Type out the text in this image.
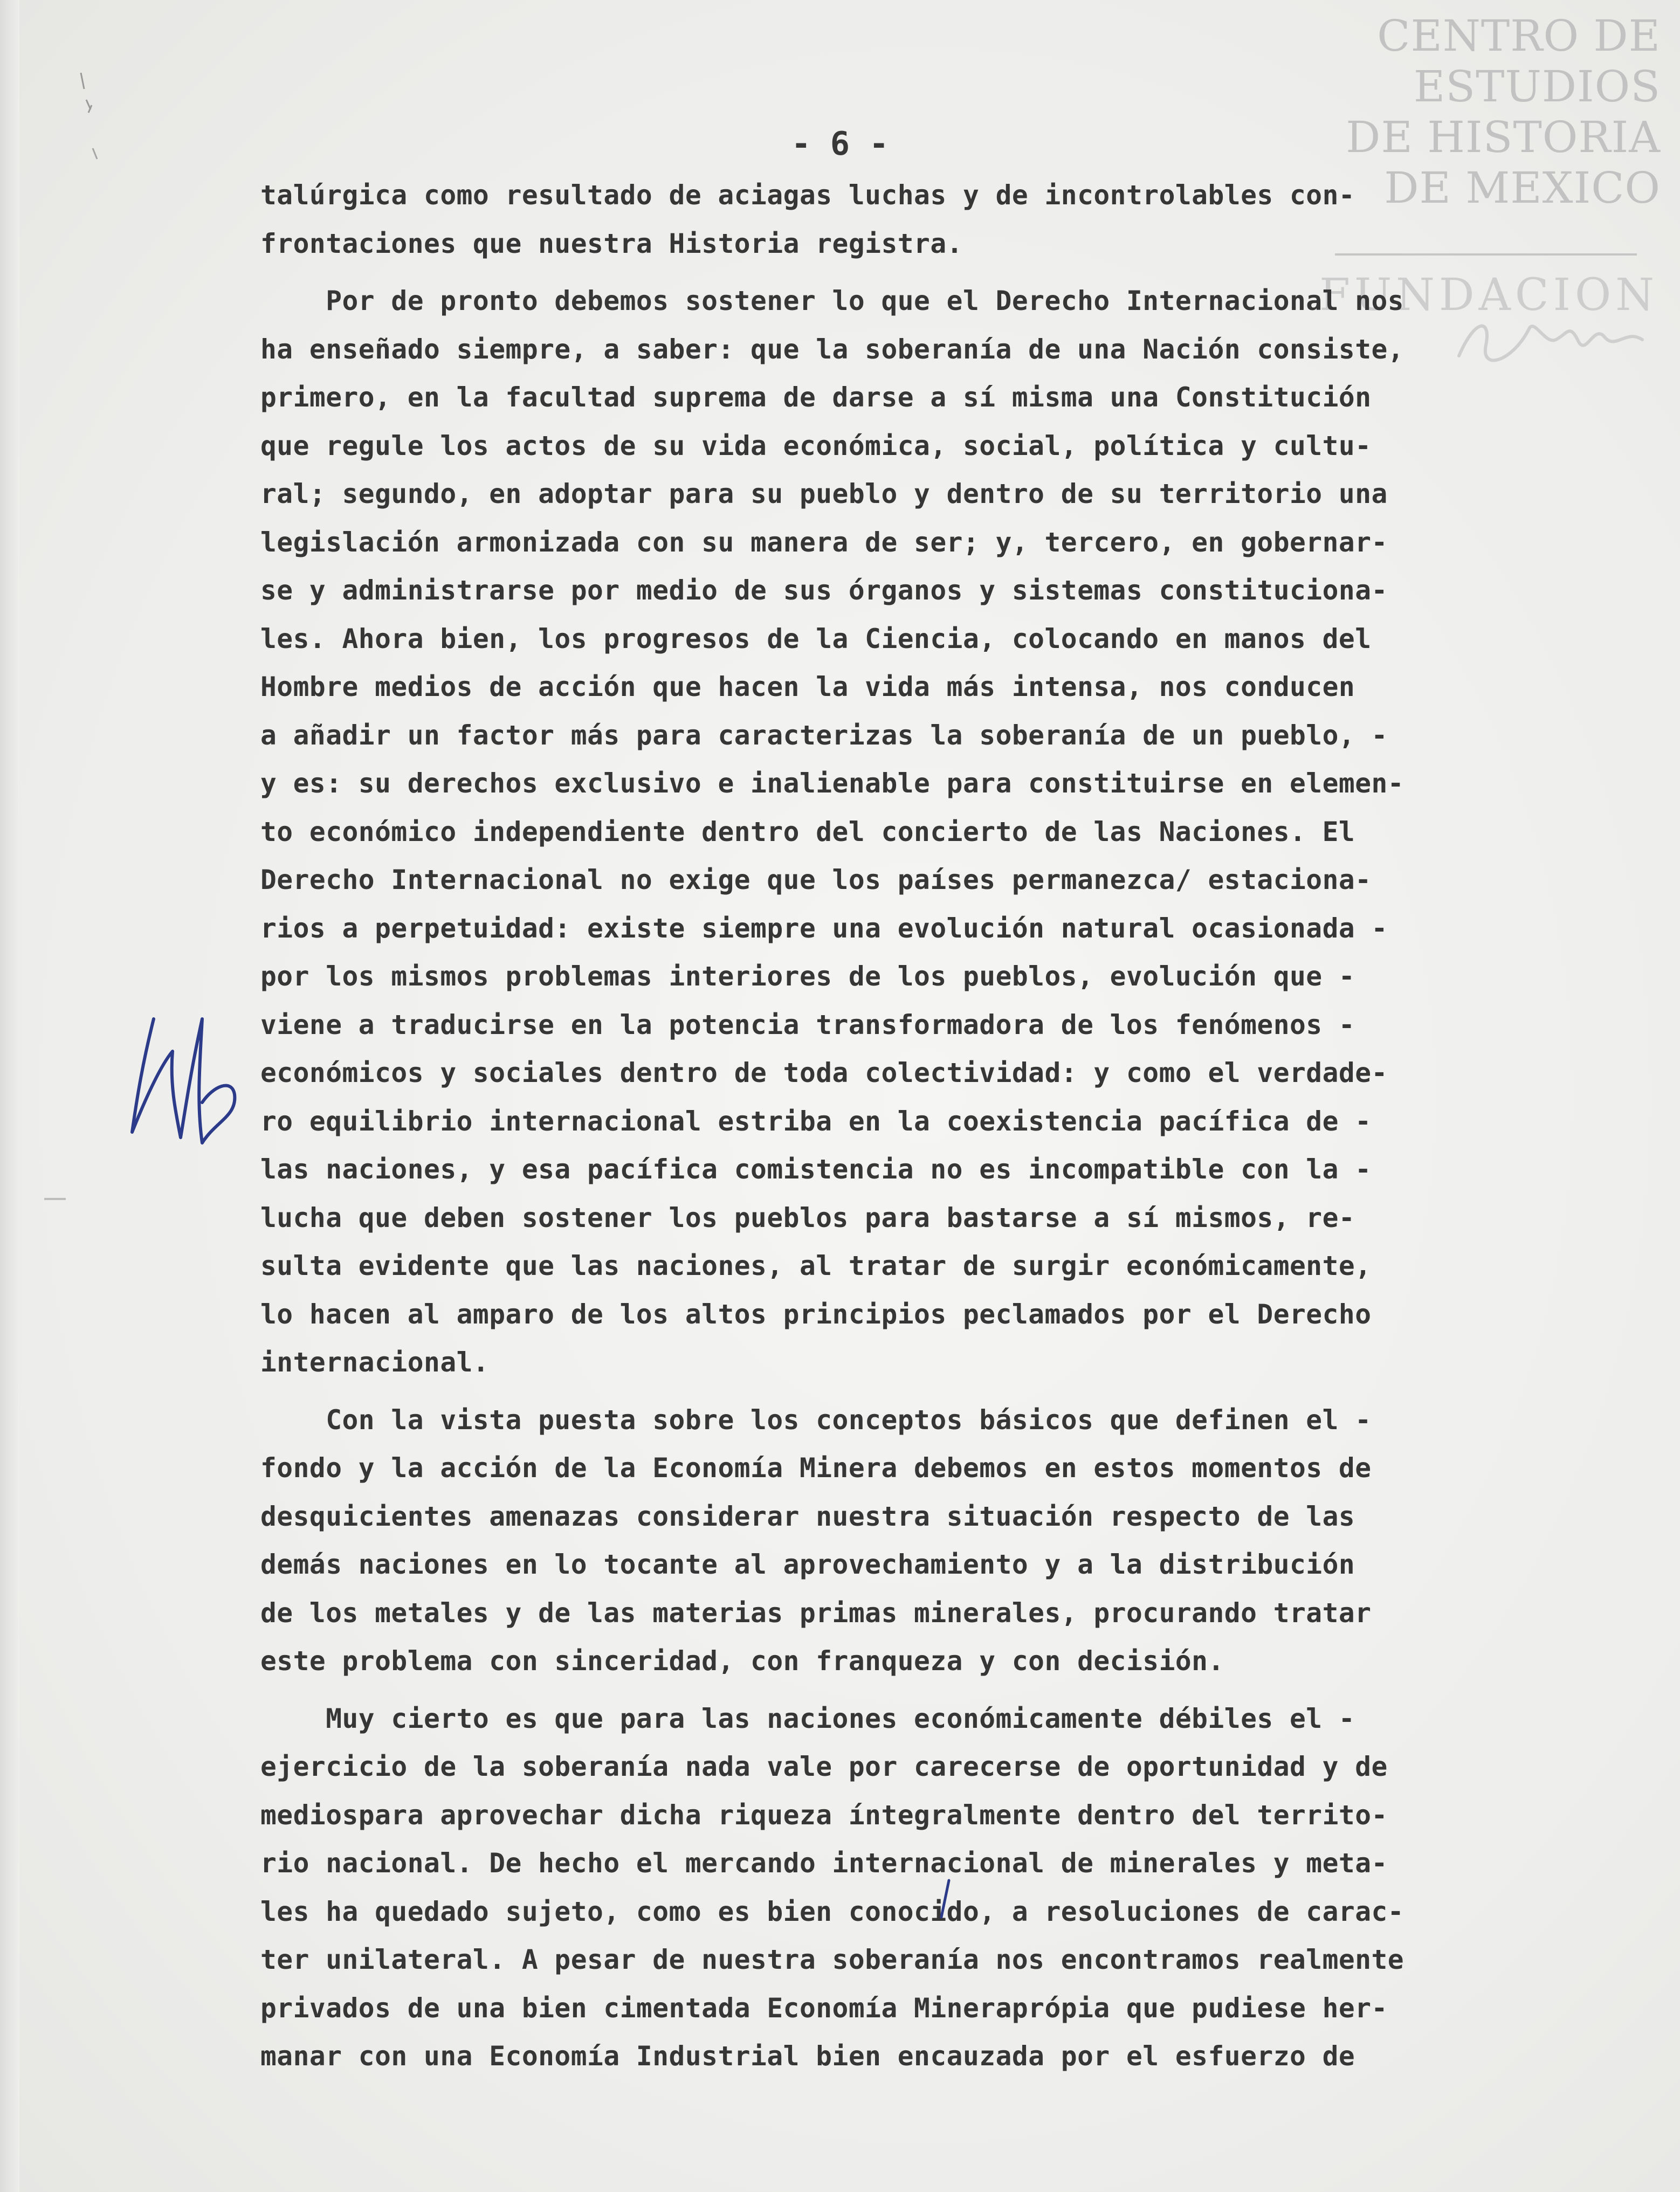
CENTRO DE
ESTUDIOS
DE HISTORIA
DE MEXICO
FUNDACION
- 6 -
talúrgica como resultado de aciagas luchas y de incontrolables con-
frontaciones que nuestra Historia registra.
Por de pronto debemos sostener lo que el Derecho Internacional nos
ha enseñado siempre, a saber: que la soberanía de una Nación consiste,
primero, en la facultad suprema de darse a sí misma una Constitución
que regule los actos de su vida económica, social, política y cultu-
ral; segundo, en adoptar para su pueblo y dentro de su territorio una
legislación armonizada con su manera de ser; y, tercero, en gobernar-
se y administrarse por medio de sus órganos y sistemas constituciona-
les. Ahora bien, los progresos de la Ciencia, colocando en manos del
Hombre medios de acción que hacen la vida más intensa, nos conducen
a añadir un factor más para caracterizas la soberanía de un pueblo, -
y es: su derechos exclusivo e inalienable para constituirse en elemen-
to económico independiente dentro del concierto de las Naciones. El
Derecho Internacional no exige que los países permanezca/ estaciona-
rios a perpetuidad: existe siempre una evolución natural ocasionada -
por los mismos problemas interiores de los pueblos, evolución que -
viene a traducirse en la potencia transformadora de los fenómenos -
económicos y sociales dentro de toda colectividad: y como el verdade-
ro equilibrio internacional estriba en la coexistencia pacífica de -
las naciones, y esa pacífica comistencia no es incompatible con la -
lucha que deben sostener los pueblos para bastarse a sí mismos, re-
sulta evidente que las naciones, al tratar de surgir económicamente,
lo hacen al amparo de los altos principios peclamados por el Derecho
internacional.
Con la vista puesta sobre los conceptos básicos que definen el -
fondo y la acción de la Economía Minera debemos en estos momentos de
desquicientes amenazas considerar nuestra situación respecto de las
demás naciones en lo tocante al aprovechamiento y a la distribución
de los metales y de las materias primas minerales, procurando tratar
este problema con sinceridad, con franqueza y con decisión.
Muy cierto es que para las naciones económicamente débiles el -
ejercicio de la soberanía nada vale por carecerse de oportunidad y de
mediospara aprovechar dicha riqueza íntegralmente dentro del territo-
rio nacional. De hecho el mercando internacional de minerales y meta-
les ha quedado sujeto, como es bien conocido, a resoluciones de carac-
ter unilateral. A pesar de nuestra soberanía nos encontramos realmente
privados de una bien cimentada Economía Mineraprópia que pudiese her-
manar con una Economía Industrial bien encauzada por el esfuerzo de
